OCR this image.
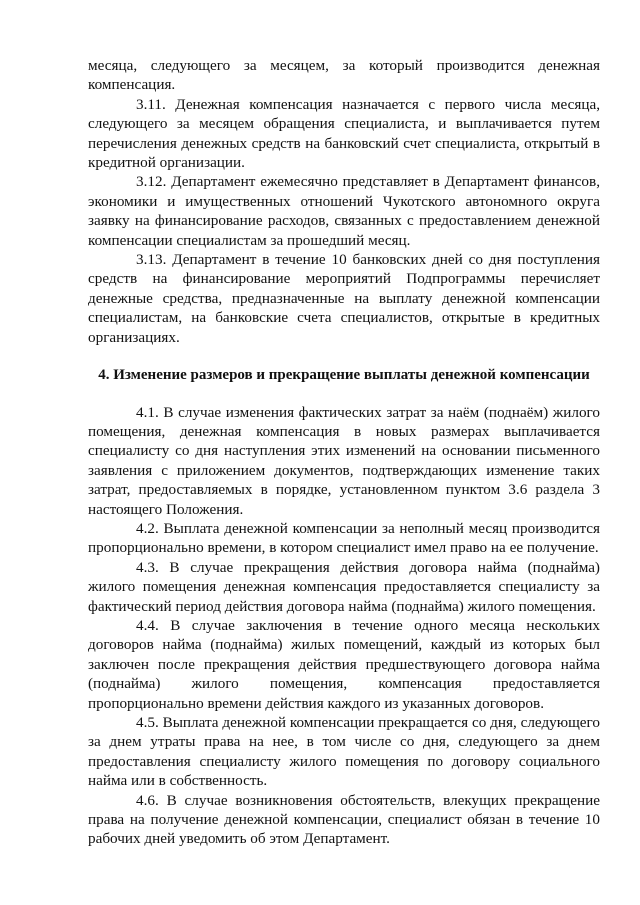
месяца, следующего за месяцем, за который производится денежная компенсация.

3.11. Денежная компенсация назначается с первого числа месяца, следующего за месяцем обращения специалиста, и выплачивается путем перечисления денежных средств на банковский счет специалиста, открытый в кредитной организации.

3.12. Департамент ежемесячно представляет в Департамент финансов, экономики и имущественных отношений Чукотского автономного округа заявку на финансирование расходов, связанных с предоставлением денежной компенсации специалистам за прошедший месяц.

3.13. Департамент в течение 10 банковских дней со дня поступления средств на финансирование мероприятий Подпрограммы перечисляет денежные средства, предназначенные на выплату денежной компенсации специалистам, на банковские счета специалистов, открытые в кредитных организациях.

4. Изменение размеров и прекращение выплаты денежной компенсации

4.1. В случае изменения фактических затрат за наём (поднаём) жилого помещения, денежная компенсация в новых размерах выплачивается специалисту со дня наступления этих изменений на основании письменного заявления с приложением документов, подтверждающих изменение таких затрат, предоставляемых в порядке, установленном пунктом 3.6 раздела 3 настоящего Положения.

4.2. Выплата денежной компенсации за неполный месяц производится пропорционально времени, в котором специалист имел право на ее получение.

4.3. В случае прекращения действия договора найма (поднайма) жилого помещения денежная компенсация предоставляется специалисту за фактический период действия договора найма (поднайма) жилого помещения.

4.4. В случае заключения в течение одного месяца нескольких договоров найма (поднайма) жилых помещений, каждый из которых был заключен после прекращения действия предшествующего договора найма (поднайма) жилого помещения, компенсация предоставляется пропорционально времени действия каждого из указанных договоров.

4.5. Выплата денежной компенсации прекращается со дня, следующего за днем утраты права на нее, в том числе со дня, следующего за днем предоставления специалисту жилого помещения по договору социального найма или в собственность.

4.6. В случае возникновения обстоятельств, влекущих прекращение права на получение денежной компенсации, специалист обязан в течение 10 рабочих дней уведомить об этом Департамент.
